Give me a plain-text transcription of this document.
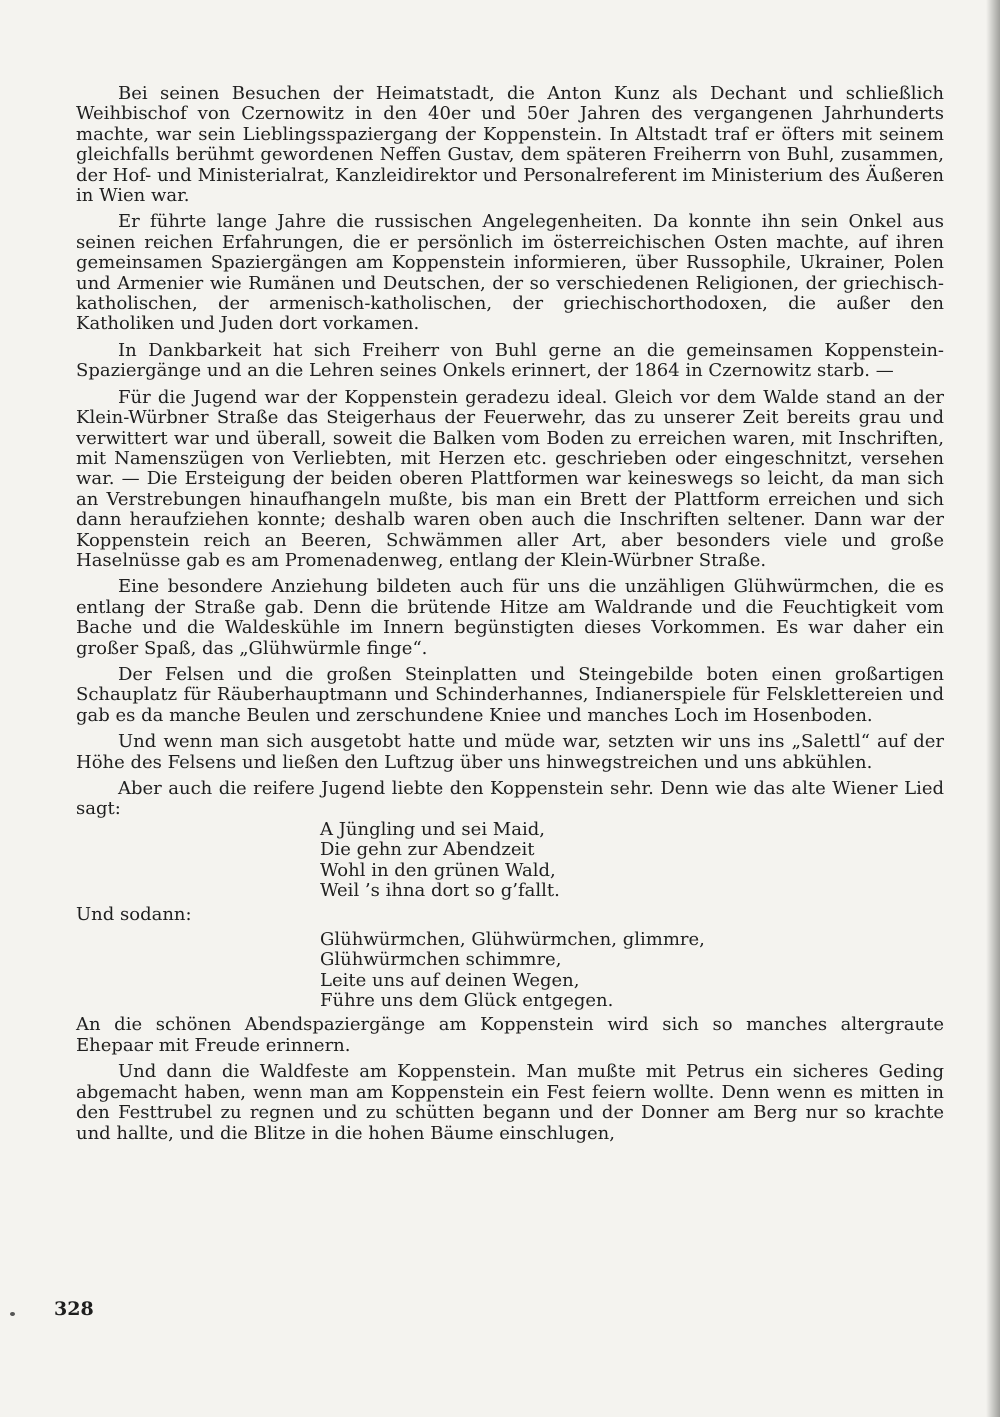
Bei seinen Besuchen der Heimatstadt, die Anton Kunz als Dechant und schließlich Weihbischof von Czernowitz in den 40er und 50er Jahren des vergangenen Jahrhunderts machte, war sein Lieblingsspaziergang der Koppenstein. In Altstadt traf er öfters mit seinem gleichfalls berühmt gewordenen Neffen Gustav, dem späteren Freiherrn von Buhl, zusammen, der Hof- und Ministerialrat, Kanzleidirektor und Personalreferent im Ministerium des Äußeren in Wien war.

Er führte lange Jahre die russischen Angelegenheiten. Da konnte ihn sein Onkel aus seinen reichen Erfahrungen, die er persönlich im österreichischen Osten machte, auf ihren gemeinsamen Spaziergängen am Koppenstein informieren, über Russophile, Ukrainer, Polen und Armenier wie Rumänen und Deutschen, der so verschiedenen Religionen, der griechisch-katholischen, der armenisch-katholischen, der griechischorthodoxen, die außer den Katholiken und Juden dort vorkamen.

In Dankbarkeit hat sich Freiherr von Buhl gerne an die gemeinsamen Koppenstein-Spaziergänge und an die Lehren seines Onkels erinnert, der 1864 in Czernowitz starb. —

Für die Jugend war der Koppenstein geradezu ideal. Gleich vor dem Walde stand an der Klein-Würbner Straße das Steigerhaus der Feuerwehr, das zu unserer Zeit bereits grau und verwittert war und überall, soweit die Balken vom Boden zu erreichen waren, mit Inschriften, mit Namenszügen von Verliebten, mit Herzen etc. geschrieben oder eingeschnitzt, versehen war. — Die Ersteigung der beiden oberen Plattformen war keineswegs so leicht, da man sich an Verstrebungen hinaufhangeln mußte, bis man ein Brett der Plattform erreichen und sich dann heraufziehen konnte; deshalb waren oben auch die Inschriften seltener. Dann war der Koppenstein reich an Beeren, Schwämmen aller Art, aber besonders viele und große Haselnüsse gab es am Promenadenweg, entlang der Klein-Würbner Straße.

Eine besondere Anziehung bildeten auch für uns die unzähligen Glühwürmchen, die es entlang der Straße gab. Denn die brütende Hitze am Waldrande und die Feuchtigkeit vom Bache und die Waldeskühle im Innern begünstigten dieses Vorkommen. Es war daher ein großer Spaß, das „Glühwürmle finge“.

Der Felsen und die großen Steinplatten und Steingebilde boten einen großartigen Schauplatz für Räuberhauptmann und Schinderhannes, Indianerspiele für Felsklettereien und gab es da manche Beulen und zerschundene Kniee und manches Loch im Hosenboden.

Und wenn man sich ausgetobt hatte und müde war, setzten wir uns ins „Salettl“ auf der Höhe des Felsens und ließen den Luftzug über uns hinwegstreichen und uns abkühlen.

Aber auch die reifere Jugend liebte den Koppenstein sehr. Denn wie das alte Wiener Lied sagt:

A Jüngling und sei Maid,
Die gehn zur Abendzeit
Wohl in den grünen Wald,
Weil ’s ihna dort so g’fallt.
Und sodann:
Glühwürmchen, Glühwürmchen, glimmre,
Glühwürmchen schimmre,
Leite uns auf deinen Wegen,
Führe uns dem Glück entgegen.

An die schönen Abendspaziergänge am Koppenstein wird sich so manches altergraute Ehepaar mit Freude erinnern.

Und dann die Waldfeste am Koppenstein. Man mußte mit Petrus ein sicheres Geding abgemacht haben, wenn man am Koppenstein ein Fest feiern wollte. Denn wenn es mitten in den Festtrubel zu regnen und zu schütten begann und der Donner am Berg nur so krachte und hallte, und die Blitze in die hohen Bäume einschlugen,

328
